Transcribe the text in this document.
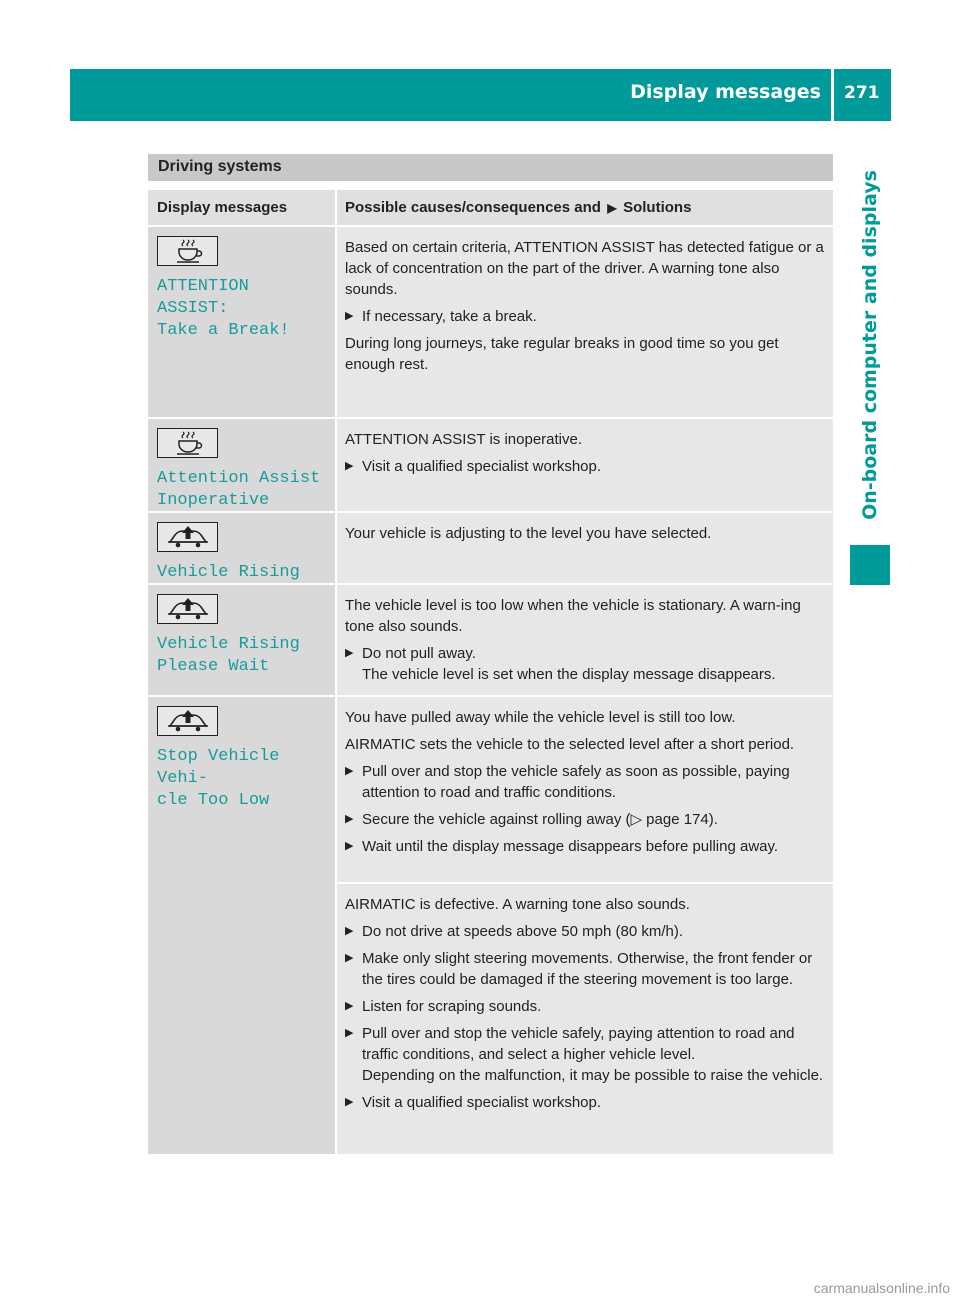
Display messages 271
On-board computer and displays
Driving systems
Display messages	Possible causes/consequences and ▶ Solutions
ATTENTION ASSIST:
Take a Break!
Based on certain criteria, ATTENTION ASSIST has detected fatigue or a lack of concentration on the part of the driver. A warning tone also sounds.
▶ If necessary, take a break.
During long journeys, take regular breaks in good time so you get enough rest.
Attention Assist
Inoperative
ATTENTION ASSIST is inoperative.
▶ Visit a qualified specialist workshop.
Vehicle Rising
Your vehicle is adjusting to the level you have selected.
Vehicle Rising
Please Wait
The vehicle level is too low when the vehicle is stationary. A warn-ing tone also sounds.
▶ Do not pull away.
The vehicle level is set when the display message disappears.
Stop Vehicle Vehi‐
cle Too Low
You have pulled away while the vehicle level is still too low.
AIRMATIC sets the vehicle to the selected level after a short period.
▶ Pull over and stop the vehicle safely as soon as possible, paying attention to road and traffic conditions.
▶ Secure the vehicle against rolling away (▷ page 174).
▶ Wait until the display message disappears before pulling away.
AIRMATIC is defective. A warning tone also sounds.
▶ Do not drive at speeds above 50 mph (80 km/h).
▶ Make only slight steering movements. Otherwise, the front fender or the tires could be damaged if the steering movement is too large.
▶ Listen for scraping sounds.
▶ Pull over and stop the vehicle safely, paying attention to road and traffic conditions, and select a higher vehicle level.
Depending on the malfunction, it may be possible to raise the vehicle.
▶ Visit a qualified specialist workshop.
carmanualsonline.info
